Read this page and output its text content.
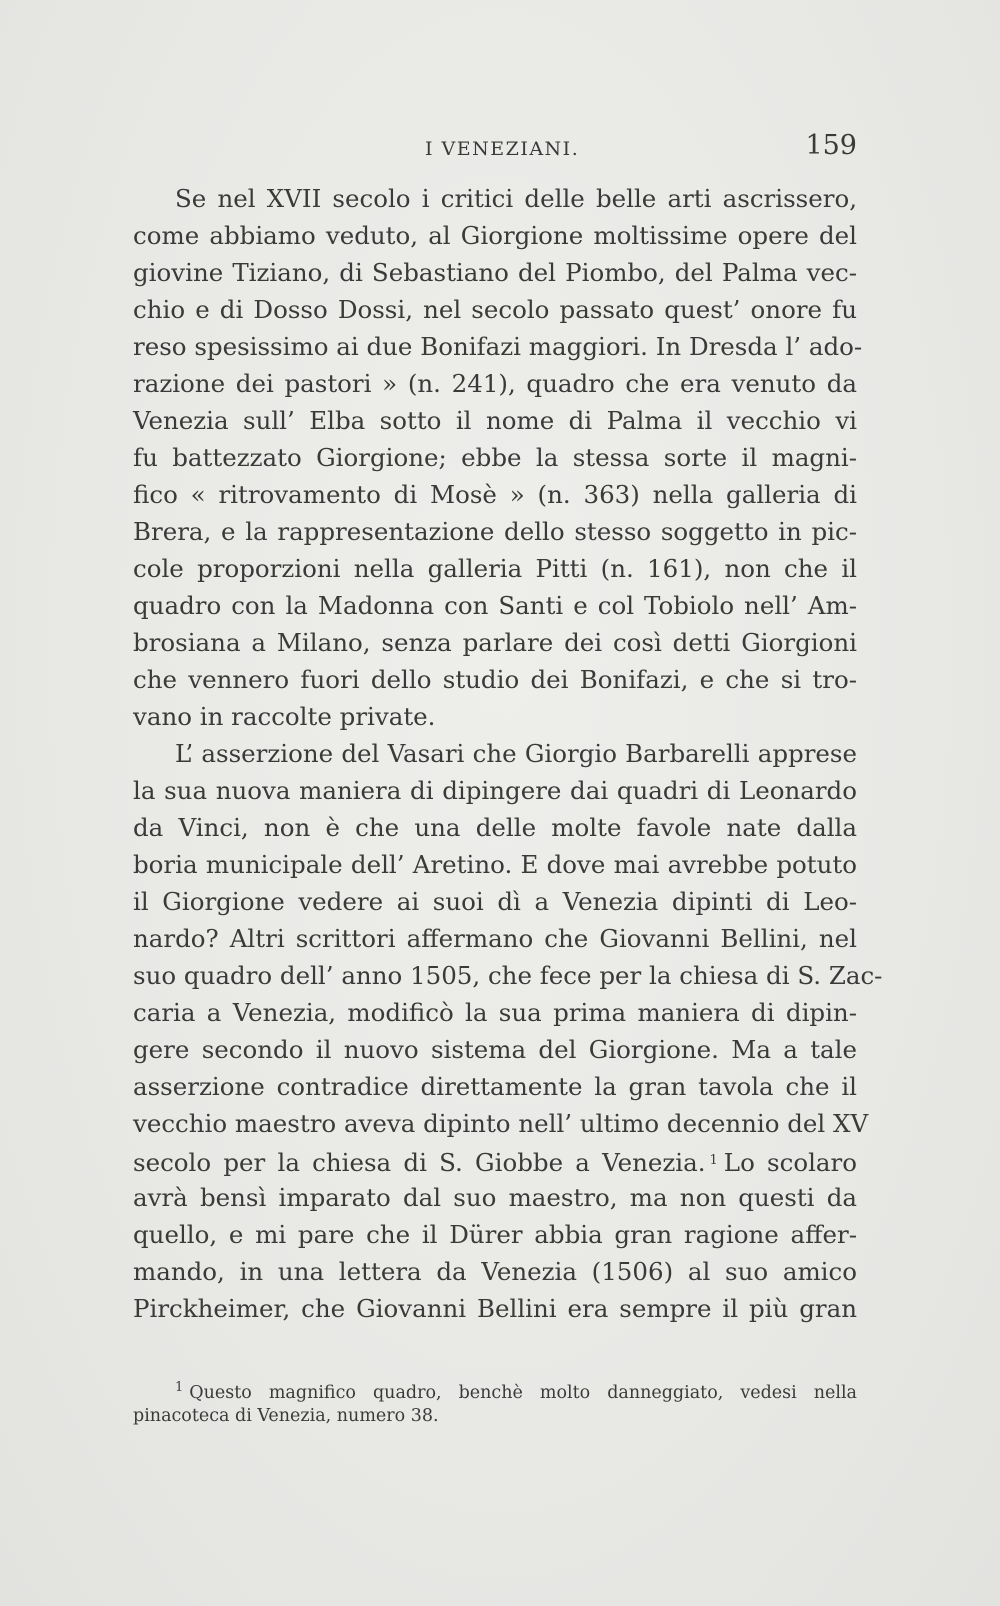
I VENEZIANI.	159
Se nel XVII secolo i critici delle belle arti ascrissero,
come abbiamo veduto, al Giorgione moltissime opere del
giovine Tiziano, di Sebastiano del Piombo, del Palma vec-
chio e di Dosso Dossi, nel secolo passato quest’ onore fu
reso spesissimo ai due Bonifazi maggiori. In Dresda l’ ado-
razione dei pastori » (n. 241), quadro che era venuto da
Venezia sull’ Elba sotto il nome di Palma il vecchio vi
fu battezzato Giorgione; ebbe la stessa sorte il magni-
fico « ritrovamento di Mosè » (n. 363) nella galleria di
Brera, e la rappresentazione dello stesso soggetto in pic-
cole proporzioni nella galleria Pitti (n. 161), non che il
quadro con la Madonna con Santi e col Tobiolo nell’ Am-
brosiana a Milano, senza parlare dei così detti Giorgioni
che vennero fuori dello studio dei Bonifazi, e che si tro-
vano in raccolte private.
L’ asserzione del Vasari che Giorgio Barbarelli apprese
la sua nuova maniera di dipingere dai quadri di Leonardo
da Vinci, non è che una delle molte favole nate dalla
boria municipale dell’ Aretino. E dove mai avrebbe potuto
il Giorgione vedere ai suoi dì a Venezia dipinti di Leo-
nardo? Altri scrittori affermano che Giovanni Bellini, nel
suo quadro dell’ anno 1505, che fece per la chiesa di S. Zac-
caria a Venezia, modificò la sua prima maniera di dipin-
gere secondo il nuovo sistema del Giorgione. Ma a tale
asserzione contradice direttamente la gran tavola che il
vecchio maestro aveva dipinto nell’ ultimo decennio del XV
secolo per la chiesa di S. Giobbe a Venezia. $^1$ Lo scolaro
avrà bensì imparato dal suo maestro, ma non questi da
quello, e mi pare che il Dürer abbia gran ragione affer-
mando, in una lettera da Venezia (1506) al suo amico
Pirckheimer, che Giovanni Bellini era sempre il più gran
$^1$ Questo magnifico quadro, benchè molto danneggiato, vedesi nella
pinacoteca di Venezia, numero 38.
